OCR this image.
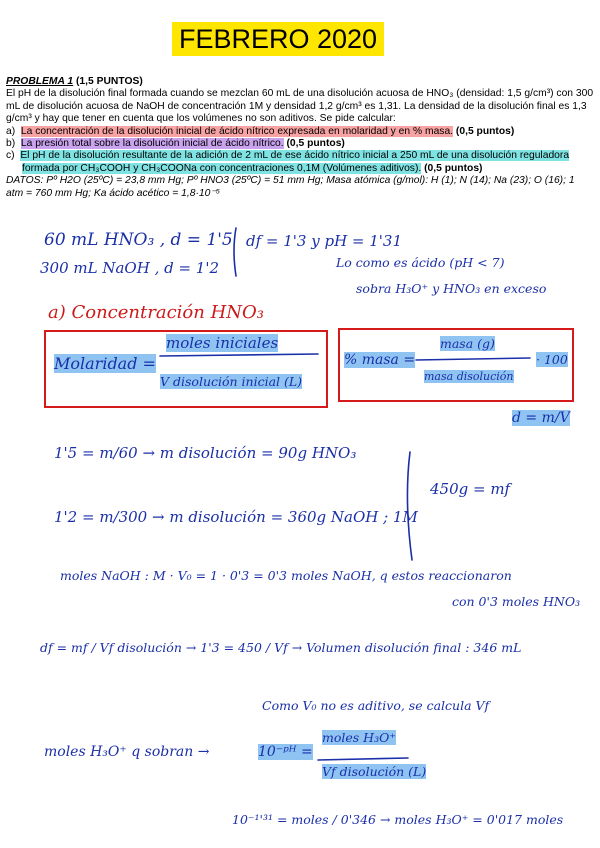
FEBRERO 2020

PROBLEMA 1 (1,5 PUNTOS)

El pH de la disolución final formada cuando se mezclan 60 mL de una disolución acuosa de HNO₃ (densidad: 1,5 g/cm³) con 300 mL de disolución acuosa de NaOH de concentración 1M y densidad 1,2 g/cm³ es 1,31. La densidad de la disolución final es 1,3 g/cm³ y hay que tener en cuenta que los volúmenes no son aditivos. Se pide calcular:

a) La concentración de la disolución inicial de ácido nítrico expresada en molaridad y en % masa. (0,5 puntos)

b) La presión total sobre la disolución inicial de ácido nítrico. (0,5 puntos)

c) El pH de la disolución resultante de la adición de 2 mL de ese ácido nítrico inicial a 250 mL de una disolución reguladora formada por CH₃COOH y CH₃COONa con concentraciones 0,1M (Volúmenes aditivos). (0,5 puntos)

DATOS: Pº H2O (25ºC) = 23,8 mm Hg; Pº HNO3 (25ºC) = 51 mm Hg; Masa atómica (g/mol): H (1); N (14); Na (23); O (16); 1 atm = 760 mm Hg; Ka ácido acético = 1,8·10⁻⁵

60 mL HNO₃ , d = 1'5 df = 1'3 y pH = 1'31
300 mL NaOH , d = 1'2	Lo como es ácido (pH < 7)
sobra H₃O⁺ y HNO₃ en exceso
a) Concentración HNO₃
Molaridad =
moles iniciales
V disolución inicial (L)
% masa =
masa (g)
masa disolución
· 100
d = m/V
1'5 = m/60 → m disolución = 90g HNO₃
1'2 = m/300 → m disolución = 360g NaOH ; 1M
450g = mf
moles NaOH : M · V₀ = 1 · 0'3 = 0'3 moles NaOH, q estos reaccionaron
con 0'3 moles HNO₃
df = mf / Vf disolución → 1'3 = 450 / Vf → Volumen disolución final : 346 mL
Como V₀ no es aditivo, se calcula Vf
moles H₃O⁺ q sobran →	10⁻ᵖᴴ =
moles H₃O⁺
Vf disolución (L)
10⁻¹'³¹ = moles / 0'346 → moles H₃O⁺ = 0'017 moles
